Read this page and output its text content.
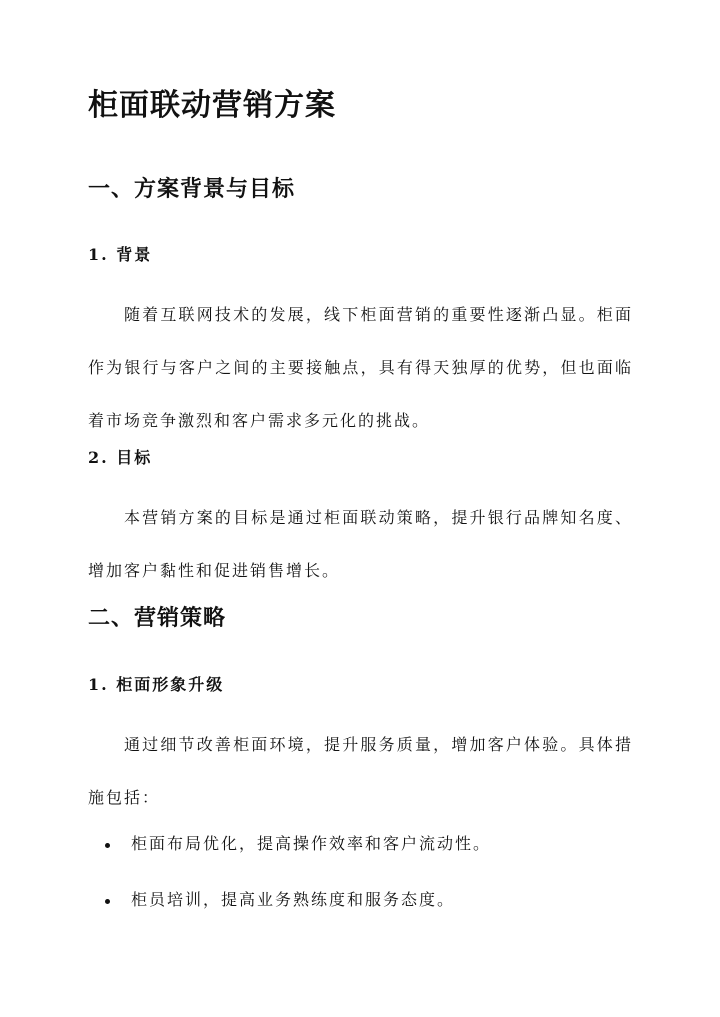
柜面联动营销方案
一、方案背景与目标
1. 背景

随着互联网技术的发展，线下柜面营销的重要性逐渐凸显。柜面作为银行与客户之间的主要接触点，具有得天独厚的优势，但也面临着市场竞争激烈和客户需求多元化的挑战。

2. 目标

本营销方案的目标是通过柜面联动策略，提升银行品牌知名度、增加客户黏性和促进销售增长。

二、营销策略
1. 柜面形象升级

通过细节改善柜面环境，提升服务质量，增加客户体验。具体措施包括：

柜面布局优化，提高操作效率和客户流动性。
柜员培训，提高业务熟练度和服务态度。
